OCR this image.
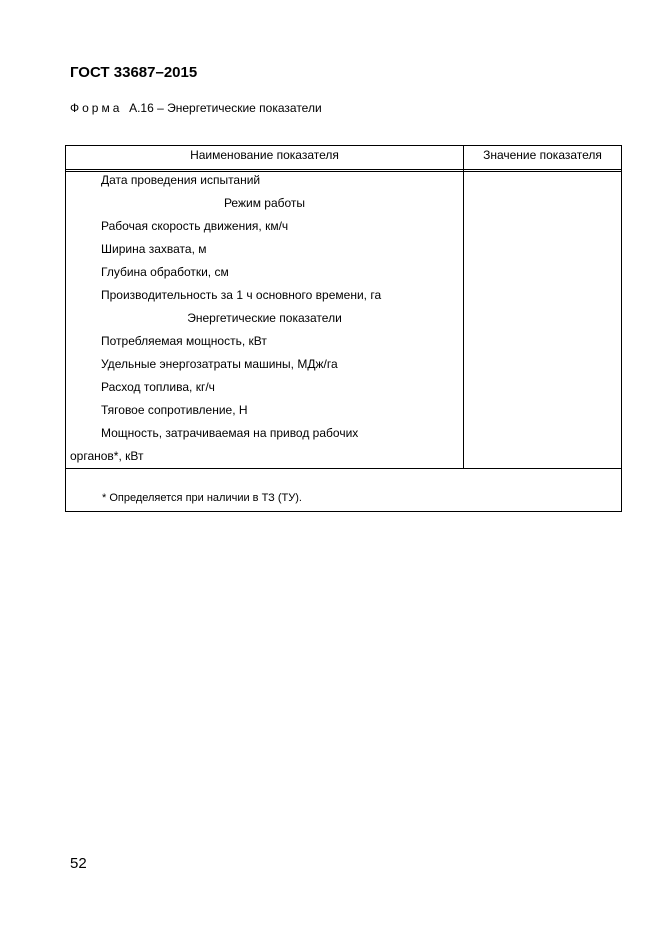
ГОСТ 33687–2015
Форма А.16 – Энергетические показатели
Наименование показателя	Значение показателя
Дата проведения испытаний
Режим работы
Рабочая скорость движения, км/ч
Ширина захвата, м
Глубина обработки, см
Производительность за 1 ч основного времени, га
Энергетические показатели
Потребляемая мощность, кВт
Удельные энергозатраты машины, МДж/га
Расход топлива, кг/ч
Тяговое сопротивление, Н
Мощность, затрачиваемая на привод рабочих
органов*, кВт
* Определяется при наличии в ТЗ (ТУ).
52
